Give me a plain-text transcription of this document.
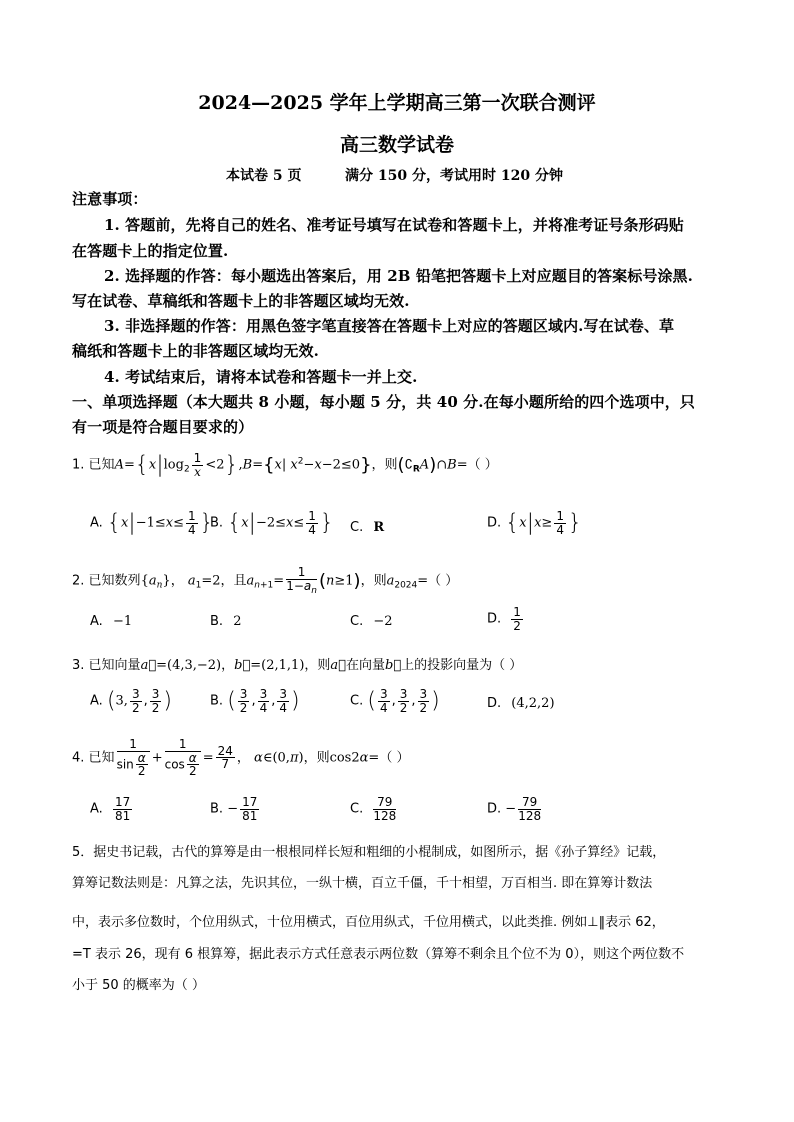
2024—2025 学年上学期高三第一次联合测评
高三数学试卷
本试卷 5 页	满分 150 分，考试用时 120 分钟
注意事项：
1. 答题前，先将自己的姓名、准考证号填写在试卷和答题卡上，并将准考证号条形码贴
在答题卡上的指定位置.
2. 选择题的作答：每小题选出答案后，用 2B 铅笔把答题卡上对应题目的答案标号涂黑.
写在试卷、草稿纸和答题卡上的非答题区域均无效.
3. 非选择题的作答：用黑色签字笔直接答在答题卡上对应的答题区域内.写在试卷、草
稿纸和答题卡上的非答题区域均无效.
4. 考试结束后，请将本试卷和答题卡一并上交.
一、单项选择题（本大题共 8 小题，每小题 5 分，共 40 分.在每小题所给的四个选项中，只
有一项是符合题目要求的）
1. 已知$A=\{x|\log_2 \frac{1}{x} <2\},B=\{x|$ $x^2-x-2\le 0$}，则$(∁_RA)\cap B=$（ ）
A. {$x|-1\le x\le \frac{1}{4}$ }
B. {$x|-2\le x\le \frac{1}{4}$ } C. R	D. {$x|x\ge \frac{1}{4}$ }
2. 已知数列$\{a_n\}$， $a_1=2$，且$a_{n+1}= \frac{1}{1-a_n} (n\ge 1)$，则$a_{2024}=$（ ）
A. −1	B. 2	C. −2	D. $\frac{1}{2}$
3. 已知向量a⃗=(4,3,−2)，b⃗=(2,1,1)，则a⃗在向量b⃗上的投影向量为（ ）
A. (3, $\frac{3}{2}$ , $\frac{3}{2}$ )	B. ( $\frac{3}{2}$ , $\frac{3}{4}$ , $\frac{3}{4}$ )	C. ( $\frac{3}{4}$ , $\frac{3}{2}$ , $\frac{3}{2}$ )	D. (4,2,2)
4. 已知 $\frac{1}{\sin \frac{\alpha}{2}} + \frac{1}{\cos \frac{\alpha}{2}} = \frac{24}{7}$ ， α∈(0,π)，则cos2α=（ ）
A. $\frac{17}{81}$	B. − $\frac{17}{81}$	C. $\frac{79}{128}$	D. − $\frac{79}{128}$
5．据史书记载，古代的算筹是由一根根同样长短和粗细的小棍制成，如图所示，据《孙子算经》记载，
算筹记数法则是：凡算之法，先识其位，一纵十横，百立千僵，千十相望，万百相当. 即在算筹计数法
中，表示多位数时，个位用纵式，十位用横式，百位用纵式，千位用横式，以此类推. 例如⊥‖表示 62，
=T 表示 26，现有 6 根算筹，据此表示方式任意表示两位数（算筹不剩余且个位不为 0），则这个两位数不
小于 50 的概率为（ ）
